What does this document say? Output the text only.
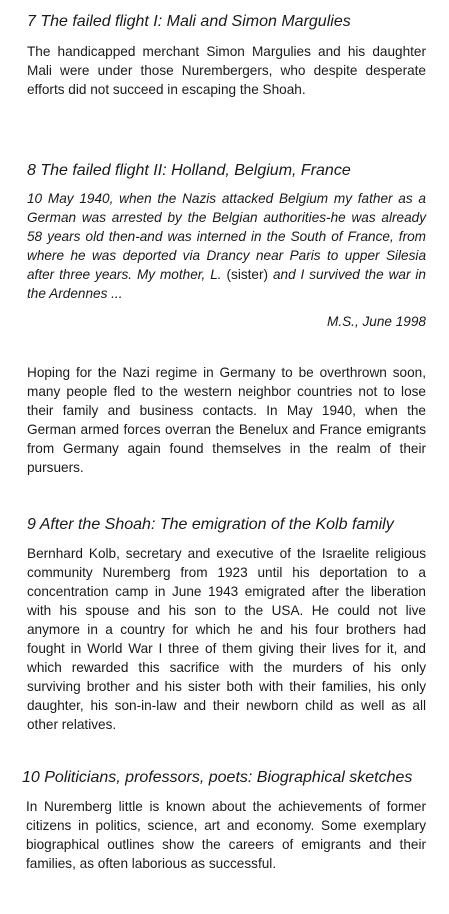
7 The failed flight I: Mali and Simon Margulies

The handicapped merchant Simon Margulies and his daughter Mali were under those Nurembergers, who despite desperate efforts did not succeed in escaping the Shoah.

8 The failed flight II: Holland, Belgium, France

10 May 1940, when the Nazis attacked Belgium my father as a German was arrested by the Belgian authorities-he was already 58 years old then-and was interned in the South of France, from where he was deported via Drancy near Paris to upper Silesia after three years. My mother, L. (sister) and I survived the war in the Ardennes ...

M.S., June 1998

Hoping for the Nazi regime in Germany to be overthrown soon, many people fled to the western neighbor countries not to lose their family and business contacts. In May 1940, when the German armed forces overran the Benelux and France emigrants from Germany again found themselves in the realm of their pursuers.

9 After the Shoah: The emigration of the Kolb family

Bernhard Kolb, secretary and executive of the Israelite religious community Nuremberg from 1923 until his deportation to a concentration camp in June 1943 emigrated after the liberation with his spouse and his son to the USA. He could not live anymore in a country for which he and his four brothers had fought in World War I three of them giving their lives for it, and which rewarded this sacrifice with the murders of his only surviving brother and his sister both with their families, his only daughter, his son-in-law and their newborn child as well as all other relatives.

10 Politicians, professors, poets: Biographical sketches

In Nuremberg little is known about the achievements of former citizens in politics, science, art and economy. Some exemplary biographical outlines show the careers of emigrants and their families, as often laborious as successful.
